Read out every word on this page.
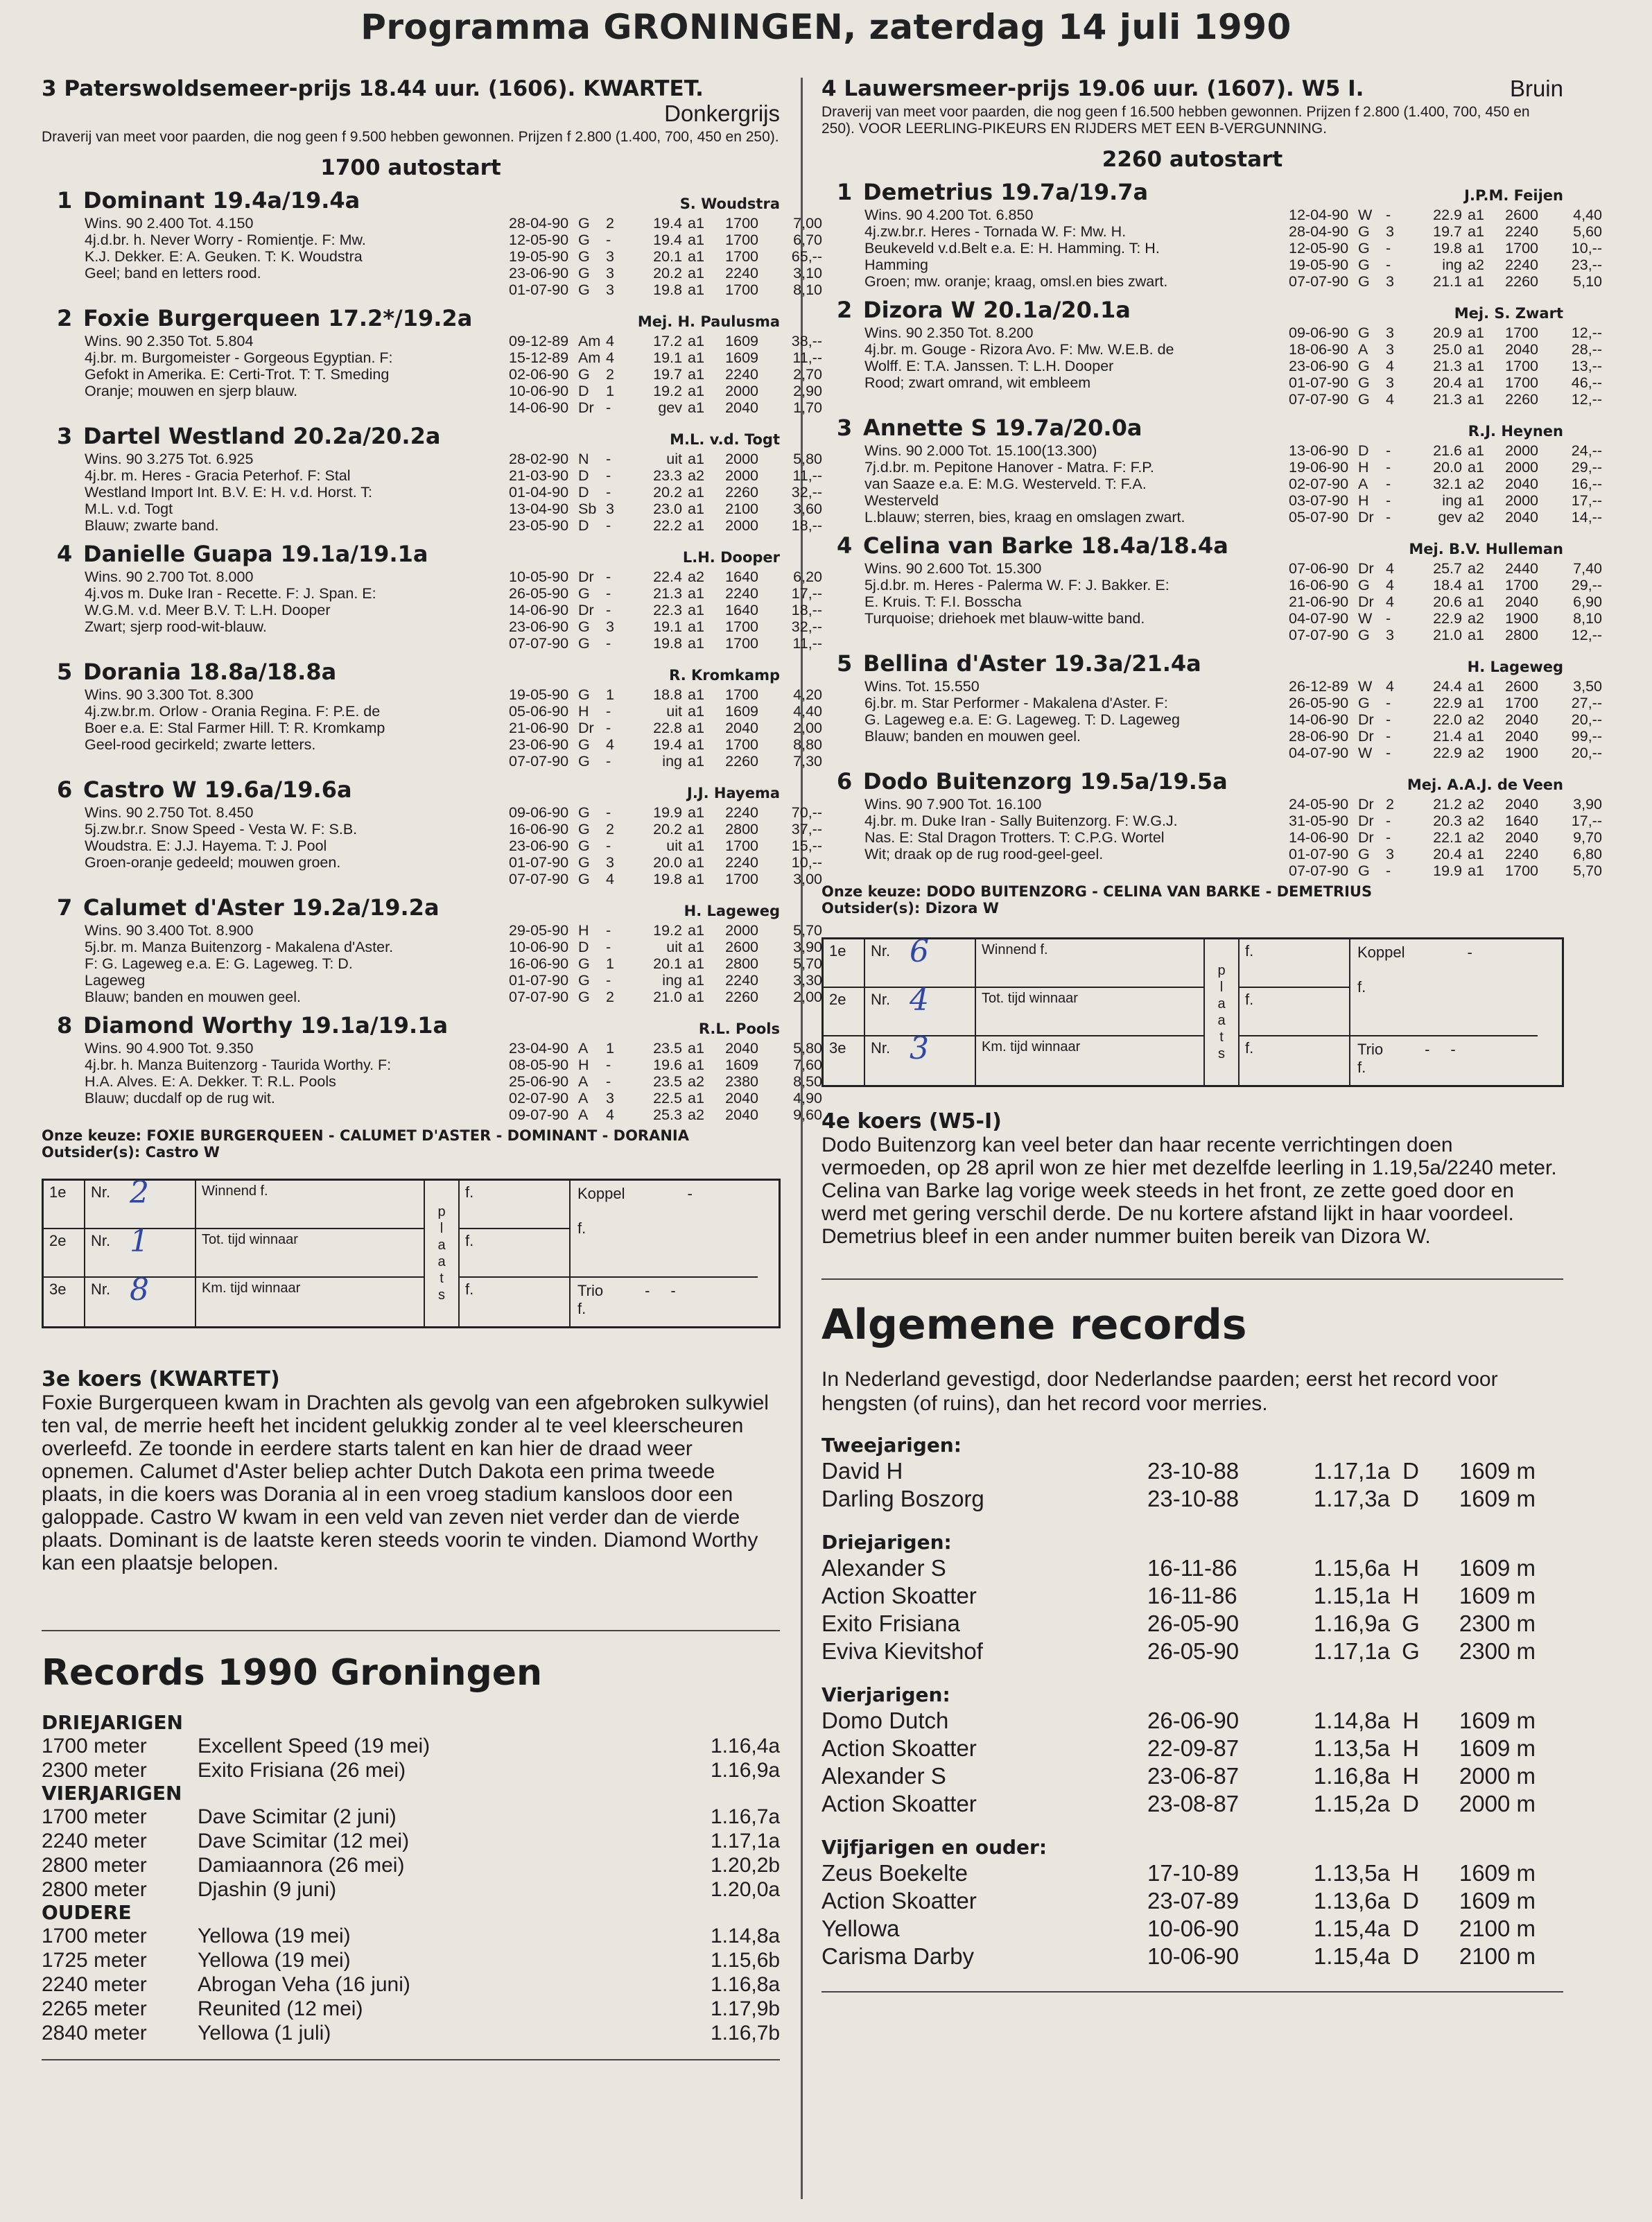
Programma GRONINGEN, zaterdag 14 juli 1990
3 Paterswoldsemeer-prijs 18.44 uur. (1606). KWARTET.
Donkergrijs
Draverij van meet voor paarden, die nog geen f 9.500 hebben gewonnen. Prijzen f 2.800 (1.400, 700, 450 en 250).
1700 autostart
1 Dominant 19.4a/19.4a	S. Woudstra
Wins. 90 2.400 Tot. 4.150
4j.d.br. h. Never Worry - Romientje. F: Mw.
K.J. Dekker. E: A. Geuken. T: K. Woudstra
Geel; band en letters rood.
28-04-90 G	2	19.4 a1	1700	7,00
12-05-90 G	-	19.4 a1	1700	6,70
19-05-90 G	3	20.1 a1	1700	65,--
23-06-90 G	3	20.2 a1	2240	3,10
01-07-90 G	3	19.8 a1	1700	8,10
2 Foxie Burgerqueen 17.2*/19.2a	Mej. H. Paulusma
Wins. 90 2.350 Tot. 5.804
4j.br. m. Burgomeister - Gorgeous Egyptian. F:
Gefokt in Amerika. E: Certi-Trot. T: T. Smeding
Oranje; mouwen en sjerp blauw.
09-12-89 Am 4	17.2 a1	1609	38,--
15-12-89 Am 4	19.1 a1	1609	11,--
02-06-90 G	2	19.7 a1	2240	2,70
10-06-90 D	1	19.2 a1	2000	2,90
14-06-90 Dr -	gev a1	2040	1,70
3 Dartel Westland 20.2a/20.2a	M.L. v.d. Togt
Wins. 90 3.275 Tot. 6.925
4j.br. m. Heres - Gracia Peterhof. F: Stal
Westland Import Int. B.V. E: H. v.d. Horst. T:
M.L. v.d. Togt
Blauw; zwarte band.
28-02-90 N	-	uit a1	2000	5,80
21-03-90 D	-	23.3 a2	2000	11,--
01-04-90 D	-	20.2 a1	2260	32,--
13-04-90 Sb 3	23.0 a1	2100	3,60
23-05-90 D	-	22.2 a1	2000	18,--
4 Danielle Guapa 19.1a/19.1a	L.H. Dooper
Wins. 90 2.700 Tot. 8.000
4j.vos m. Duke Iran - Recette. F: J. Span. E:
W.G.M. v.d. Meer B.V. T: L.H. Dooper
Zwart; sjerp rood-wit-blauw.
10-05-90 Dr -	22.4 a2	1640	6,20
26-05-90 G	-	21.3 a1	2240	17,--
14-06-90 Dr -	22.3 a1	1640	18,--
23-06-90 G	3	19.1 a1	1700	32,--
07-07-90 G	-	19.8 a1	1700	11,--
5 Dorania 18.8a/18.8a	R. Kromkamp
Wins. 90 3.300 Tot. 8.300
4j.zw.br.m. Orlow - Orania Regina. F: P.E. de
Boer e.a. E: Stal Farmer Hill. T: R. Kromkamp
Geel-rood gecirkeld; zwarte letters.
19-05-90 G	1	18.8 a1	1700	4,20
05-06-90 H	-	uit a1	1609	4,40
21-06-90 Dr -	22.8 a1	2040	2,00
23-06-90 G	4	19.4 a1	1700	8,80
07-07-90 G	-	ing a1	2260	7,30
6 Castro W 19.6a/19.6a	J.J. Hayema
Wins. 90 2.750 Tot. 8.450
5j.zw.br.r. Snow Speed - Vesta W. F: S.B.
Woudstra. E: J.J. Hayema. T: J. Pool
Groen-oranje gedeeld; mouwen groen.
09-06-90 G	-	19.9 a1	2240	70,--
16-06-90 G	2	20.2 a1	2800	37,--
23-06-90 G	-	uit a1	1700	15,--
01-07-90 G	3	20.0 a1	2240	10,--
07-07-90 G	4	19.8 a1	1700	3,00
7 Calumet d'Aster 19.2a/19.2a	H. Lageweg
Wins. 90 3.400 Tot. 8.900
5j.br. m. Manza Buitenzorg - Makalena d'Aster.
F: G. Lageweg e.a. E: G. Lageweg. T: D.
Lageweg
Blauw; banden en mouwen geel.
29-05-90 H	-	19.2 a1	2000	5,70
10-06-90 D	-	uit a1	2600	3,90
16-06-90 G	1	20.1 a1	2800	5,70
01-07-90 G	-	ing a1	2240	3,30
07-07-90 G	2	21.0 a1	2260	2,00
8 Diamond Worthy 19.1a/19.1a	R.L. Pools
Wins. 90 4.900 Tot. 9.350
4j.br. h. Manza Buitenzorg - Taurida Worthy. F:
H.A. Alves. E: A. Dekker. T: R.L. Pools
Blauw; ducdalf op de rug wit.
23-04-90 A	1	23.5 a1	2040	5,80
08-05-90 H	-	19.6 a1	1609	7,60
25-06-90 A	-	23.5 a2	2380	8,50
02-07-90 A	3	22.5 a1	2040	4,90
09-07-90 A	4	25.3 a2	2040	9,60
Onze keuze: FOXIE BURGERQUEEN - CALUMET D'ASTER - DOMINANT - DORANIA
Outsider(s): Castro W
1e	Nr. 2	Winnend f.	f.
2e	Nr. 1	Tot. tijd winnaar	f.
3e	Nr. 8	Km. tijd winnaar	f.
p
l
a
a
t
s
Koppel	-
f.
Trio	- -
f.
3e koers (KWARTET)
Foxie Burgerqueen kwam in Drachten als gevolg van een afgebroken sulkywiel ten val, de merrie heeft het incident gelukkig zonder al te veel kleerscheuren overleefd. Ze toonde in eerdere starts talent en kan hier de draad weer opnemen. Calumet d'Aster beliep achter Dutch Dakota een prima tweede plaats, in die koers was Dorania al in een vroeg stadium kansloos door een galoppade. Castro W kwam in een veld van zeven niet verder dan de vierde plaats. Dominant is de laatste keren steeds voorin te vinden. Diamond Worthy kan een plaatsje belopen.
Records 1990 Groningen
DRIEJARIGEN
1700 meter	Excellent Speed (19 mei)	1.16,4a
2300 meter	Exito Frisiana (26 mei)	1.16,9a
VIERJARIGEN
1700 meter	Dave Scimitar (2 juni)	1.16,7a
2240 meter	Dave Scimitar (12 mei)	1.17,1a
2800 meter	Damiaannora (26 mei)	1.20,2b
2800 meter	Djashin (9 juni)	1.20,0a
OUDERE
1700 meter	Yellowa (19 mei)	1.14,8a
1725 meter	Yellowa (19 mei)	1.15,6b
2240 meter	Abrogan Veha (16 juni)	1.16,8a
2265 meter	Reunited (12 mei)	1.17,9b
2840 meter	Yellowa (1 juli)	1.16,7b
4 Lauwersmeer-prijs 19.06 uur. (1607). W5 I.	Bruin
Draverij van meet voor paarden, die nog geen f 16.500 hebben gewonnen. Prijzen f 2.800 (1.400, 700, 450 en 250). VOOR LEERLING-PIKEURS EN RIJDERS MET EEN B-VERGUNNING.
2260 autostart
1 Demetrius 19.7a/19.7a	J.P.M. Feijen
Wins. 90 4.200 Tot. 6.850
4j.zw.br.r. Heres - Tornada W. F: Mw. H.
Beukeveld v.d.Belt e.a. E: H. Hamming. T: H.
Hamming
Groen; mw. oranje; kraag, omsl.en bies zwart.
12-04-90 W -	22.9 a1	2600	4,40
28-04-90 G	3	19.7 a1	2240	5,60
12-05-90 G	-	19.8 a1	1700	10,--
19-05-90 G	-	ing a2	2240	23,--
07-07-90 G	3	21.1 a1	2260	5,10
2 Dizora W 20.1a/20.1a	Mej. S. Zwart
Wins. 90 2.350 Tot. 8.200
4j.br. m. Gouge - Rizora Avo. F: Mw. W.E.B. de
Wolff. E: T.A. Janssen. T: L.H. Dooper
Rood; zwart omrand, wit embleem
09-06-90 G	3	20.9 a1	1700	12,--
18-06-90 A	3	25.0 a1	2040	28,--
23-06-90 G	4	21.3 a1	1700	13,--
01-07-90 G	3	20.4 a1	1700	46,--
07-07-90 G	4	21.3 a1	2260	12,--
3 Annette S 19.7a/20.0a	R.J. Heynen
Wins. 90 2.000 Tot. 15.100(13.300)
7j.d.br. m. Pepitone Hanover - Matra. F: F.P.
van Saaze e.a. E: M.G. Westerveld. T: F.A.
Westerveld
L.blauw; sterren, bies, kraag en omslagen zwart.
13-06-90 D	-	21.6 a1	2000	24,--
19-06-90 H	-	20.0 a1	2000	29,--
02-07-90 A	-	32.1 a2	2040	16,--
03-07-90 H	-	ing a1	2000	17,--
05-07-90 Dr -	gev a2	2040	14,--
4 Celina van Barke 18.4a/18.4a	Mej. B.V. Hulleman
Wins. 90 2.600 Tot. 15.300
5j.d.br. m. Heres - Palerma W. F: J. Bakker. E:
E. Kruis. T: F.I. Bosscha
Turquoise; driehoek met blauw-witte band.
07-06-90 Dr 4	25.7 a2	2440	7,40
16-06-90 G	4	18.4 a1	1700	29,--
21-06-90 Dr 4	20.6 a1	2040	6,90
04-07-90 W -	22.9 a2	1900	8,10
07-07-90 G	3	21.0 a1	2800	12,--
5 Bellina d'Aster 19.3a/21.4a	H. Lageweg
Wins. Tot. 15.550
6j.br. m. Star Performer - Makalena d'Aster. F:
G. Lageweg e.a. E: G. Lageweg. T: D. Lageweg
Blauw; banden en mouwen geel.
26-12-89 W 4	24.4 a1	2600	3,50
26-05-90 G	-	22.9 a1	1700	27,--
14-06-90 Dr -	22.0 a2	2040	20,--
28-06-90 Dr -	21.4 a1	2040	99,--
04-07-90 W -	22.9 a2	1900	20,--
6 Dodo Buitenzorg 19.5a/19.5a	Mej. A.A.J. de Veen
Wins. 90 7.900 Tot. 16.100
4j.br. m. Duke Iran - Sally Buitenzorg. F: W.G.J.
Nas. E: Stal Dragon Trotters. T: C.P.G. Wortel
Wit; draak op de rug rood-geel-geel.
24-05-90 Dr 2	21.2 a2	2040	3,90
31-05-90 Dr -	20.3 a2	1640	17,--
14-06-90 Dr -	22.1 a2	2040	9,70
01-07-90 G	3	20.4 a1	2240	6,80
07-07-90 G	-	19.9 a1	1700	5,70
Onze keuze: DODO BUITENZORG - CELINA VAN BARKE - DEMETRIUS
Outsider(s): Dizora W
1e	Nr. 6	Winnend f.	f.
2e	Nr. 4	Tot. tijd winnaar	f.
3e	Nr. 3	Km. tijd winnaar	f.
p
l
a
a
t
s
Koppel	-
f.
Trio	- -
f.
4e koers (W5-I)
Dodo Buitenzorg kan veel beter dan haar recente verrichtingen doen vermoeden, op 28 april won ze hier met dezelfde leerling in 1.19,5a/2240 meter. Celina van Barke lag vorige week steeds in het front, ze zette goed door en werd met gering verschil derde. De nu kortere afstand lijkt in haar voordeel. Demetrius bleef in een ander nummer buiten bereik van Dizora W.
Algemene records
In Nederland gevestigd, door Nederlandse paarden; eerst het record voor hengsten (of ruins), dan het record voor merries.
Tweejarigen:
David H	23-10-88	1.17,1a D	1609 m
Darling Boszorg	23-10-88	1.17,3a D	1609 m
Driejarigen:
Alexander S	16-11-86	1.15,6a H	1609 m
Action Skoatter	16-11-86	1.15,1a H	1609 m
Exito Frisiana	26-05-90	1.16,9a G	2300 m
Eviva Kievitshof	26-05-90	1.17,1a G	2300 m
Vierjarigen:
Domo Dutch	26-06-90	1.14,8a H	1609 m
Action Skoatter	22-09-87	1.13,5a H	1609 m
Alexander S	23-06-87	1.16,8a H	2000 m
Action Skoatter	23-08-87	1.15,2a D	2000 m
Vijfjarigen en ouder:
Zeus Boekelte	17-10-89	1.13,5a H	1609 m
Action Skoatter	23-07-89	1.13,6a D	1609 m
Yellowa	10-06-90	1.15,4a D	2100 m
Carisma Darby	10-06-90	1.15,4a D	2100 m
